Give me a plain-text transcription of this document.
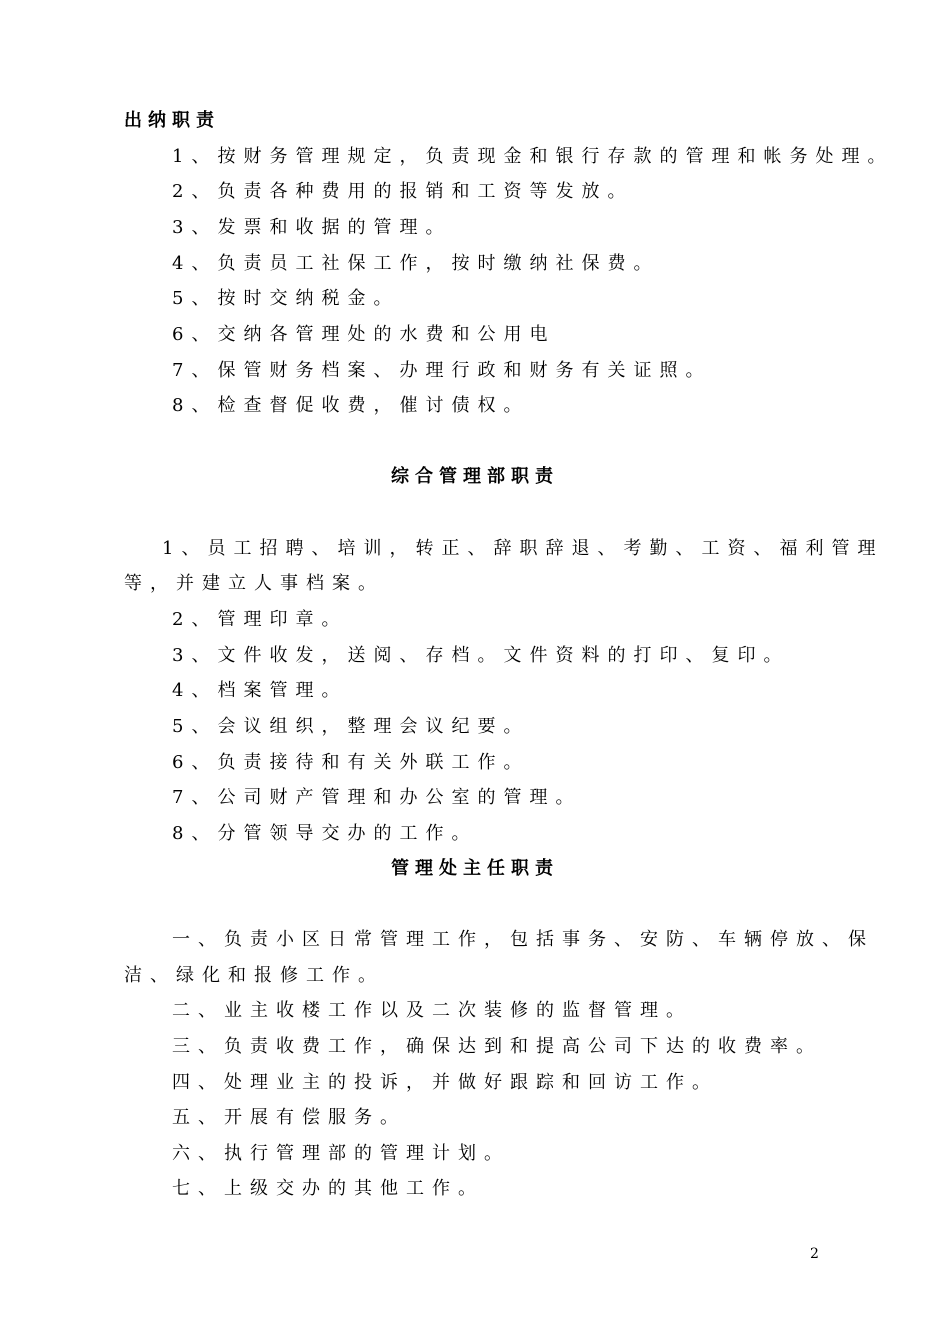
出纳职责
1、按财务管理规定，负责现金和银行存款的管理和帐务处理。
2、负责各种费用的报销和工资等发放。
3、发票和收据的管理。
4、负责员工社保工作，按时缴纳社保费。
5、按时交纳税金。
6、交纳各管理处的水费和公用电
7、保管财务档案、办理行政和财务有关证照。
8、检查督促收费，催讨债权。
综合管理部职责
1、员工招聘、培训，转正、辞职辞退、考勤、工资、福利管理
等，并建立人事档案。
2、管理印章。
3、文件收发，送阅、存档。文件资料的打印、复印。
4、档案管理。
5、会议组织，整理会议纪要。
6、负责接待和有关外联工作。
7、公司财产管理和办公室的管理。
8、分管领导交办的工作。
管理处主任职责
一、负责小区日常管理工作，包括事务、安防、车辆停放、保
洁、绿化和报修工作。
二、业主收楼工作以及二次装修的监督管理。
三、负责收费工作，确保达到和提高公司下达的收费率。
四、处理业主的投诉，并做好跟踪和回访工作。
五、开展有偿服务。
六、执行管理部的管理计划。
七、上级交办的其他工作。
2
